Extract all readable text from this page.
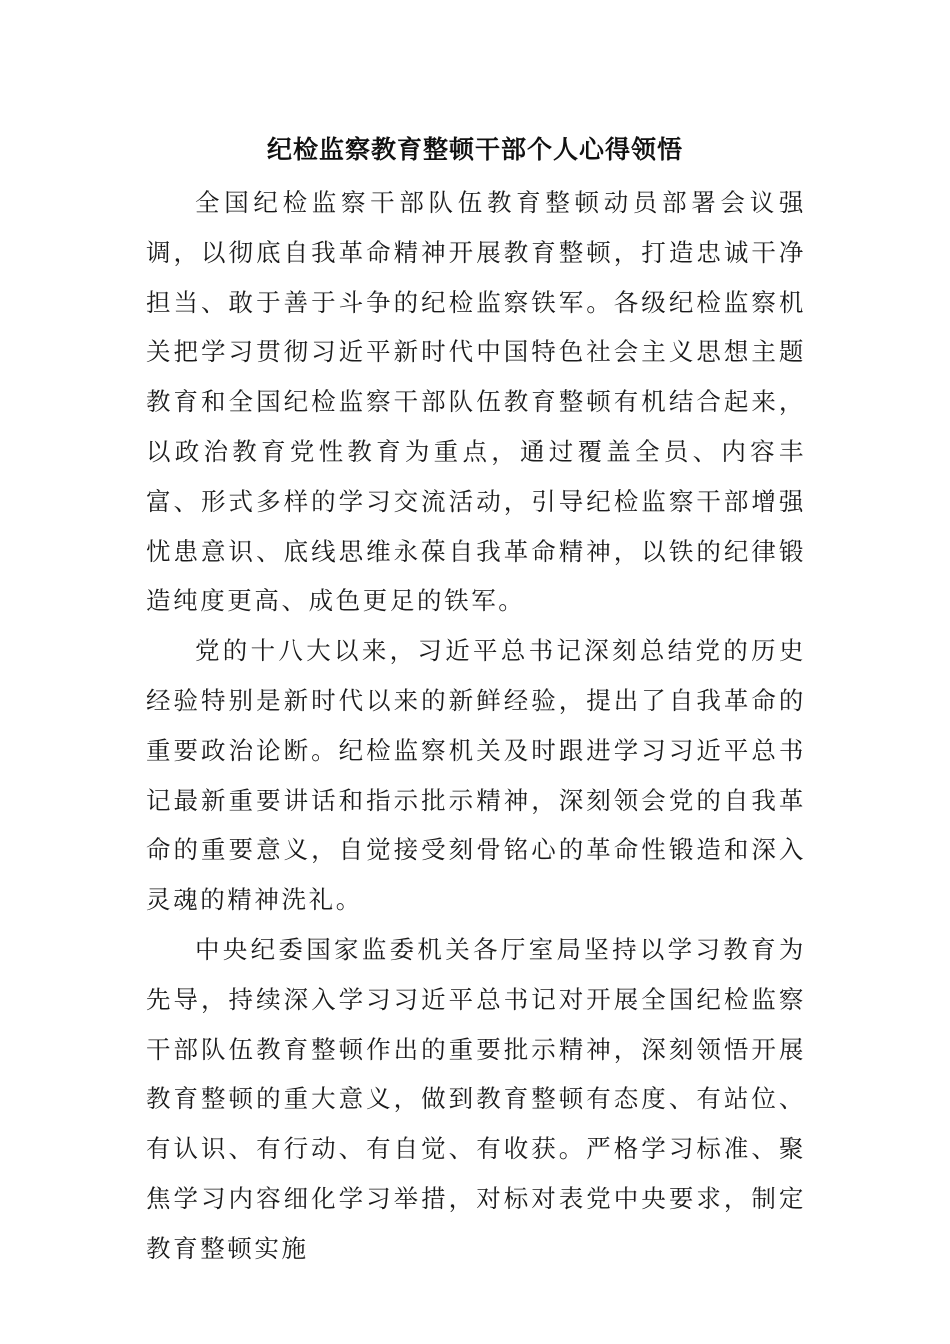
纪检监察教育整顿干部个人心得领悟

全国纪检监察干部队伍教育整顿动员部署会议强调，以彻底自我革命精神开展教育整顿，打造忠诚干净担当、敢于善于斗争的纪检监察铁军。各级纪检监察机关把学习贯彻习近平新时代中国特色社会主义思想主题教育和全国纪检监察干部队伍教育整顿有机结合起来，以政治教育党性教育为重点，通过覆盖全员、内容丰富、形式多样的学习交流活动，引导纪检监察干部增强忧患意识、底线思维永葆自我革命精神，以铁的纪律锻造纯度更高、成色更足的铁军。

党的十八大以来，习近平总书记深刻总结党的历史经验特别是新时代以来的新鲜经验，提出了自我革命的重要政治论断。纪检监察机关及时跟进学习习近平总书记最新重要讲话和指示批示精神，深刻领会党的自我革命的重要意义，自觉接受刻骨铭心的革命性锻造和深入灵魂的精神洗礼。

中央纪委国家监委机关各厅室局坚持以学习教育为先导，持续深入学习习近平总书记对开展全国纪检监察干部队伍教育整顿作出的重要批示精神，深刻领悟开展教育整顿的重大意义，做到教育整顿有态度、有站位、有认识、有行动、有自觉、有收获。严格学习标准、聚焦学习内容细化学习举措，对标对表党中央要求，制定教育整顿实施
